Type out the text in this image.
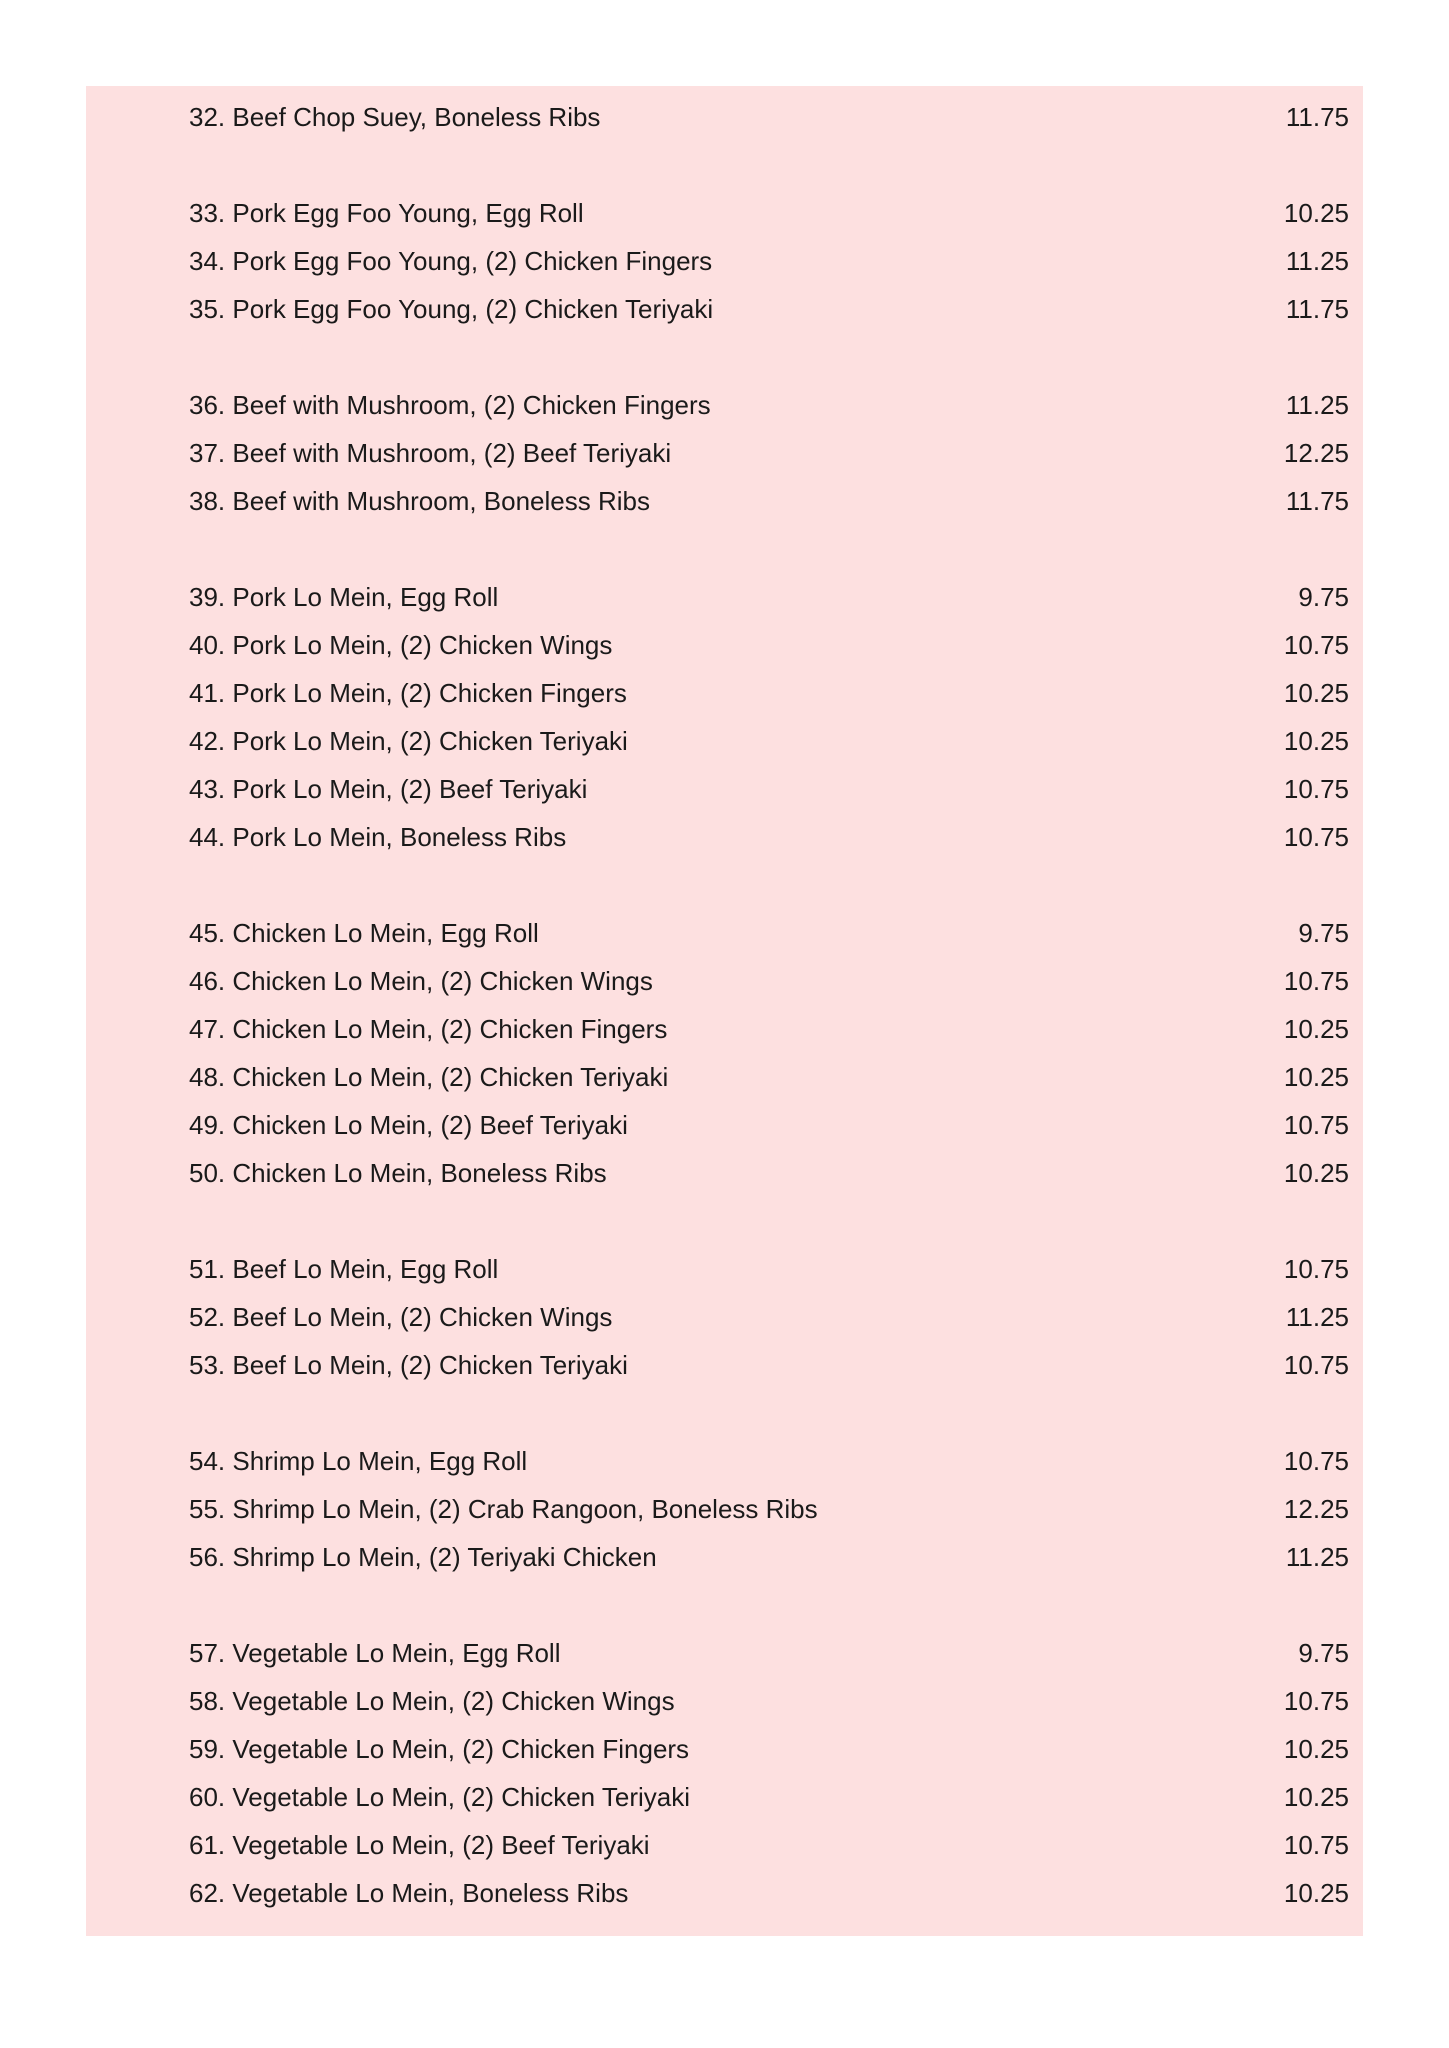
32. Beef Chop Suey, Boneless Ribs	11.75
33. Pork Egg Foo Young, Egg Roll	10.25
34. Pork Egg Foo Young, (2) Chicken Fingers	11.25
35. Pork Egg Foo Young, (2) Chicken Teriyaki	11.75
36. Beef with Mushroom, (2) Chicken Fingers	11.25
37. Beef with Mushroom, (2) Beef Teriyaki	12.25
38. Beef with Mushroom, Boneless Ribs	11.75
39. Pork Lo Mein, Egg Roll	9.75
40. Pork Lo Mein, (2) Chicken Wings	10.75
41. Pork Lo Mein, (2) Chicken Fingers	10.25
42. Pork Lo Mein, (2) Chicken Teriyaki	10.25
43. Pork Lo Mein, (2) Beef Teriyaki	10.75
44. Pork Lo Mein, Boneless Ribs	10.75
45. Chicken Lo Mein, Egg Roll	9.75
46. Chicken Lo Mein, (2) Chicken Wings	10.75
47. Chicken Lo Mein, (2) Chicken Fingers	10.25
48. Chicken Lo Mein, (2) Chicken Teriyaki	10.25
49. Chicken Lo Mein, (2) Beef Teriyaki	10.75
50. Chicken Lo Mein, Boneless Ribs	10.25
51. Beef Lo Mein, Egg Roll	10.75
52. Beef Lo Mein, (2) Chicken Wings	11.25
53. Beef Lo Mein, (2) Chicken Teriyaki	10.75
54. Shrimp Lo Mein, Egg Roll	10.75
55. Shrimp Lo Mein, (2) Crab Rangoon, Boneless Ribs	12.25
56. Shrimp Lo Mein, (2) Teriyaki Chicken	11.25
57. Vegetable Lo Mein, Egg Roll	9.75
58. Vegetable Lo Mein, (2) Chicken Wings	10.75
59. Vegetable Lo Mein, (2) Chicken Fingers	10.25
60. Vegetable Lo Mein, (2) Chicken Teriyaki	10.25
61. Vegetable Lo Mein, (2) Beef Teriyaki	10.75
62. Vegetable Lo Mein, Boneless Ribs	10.25
